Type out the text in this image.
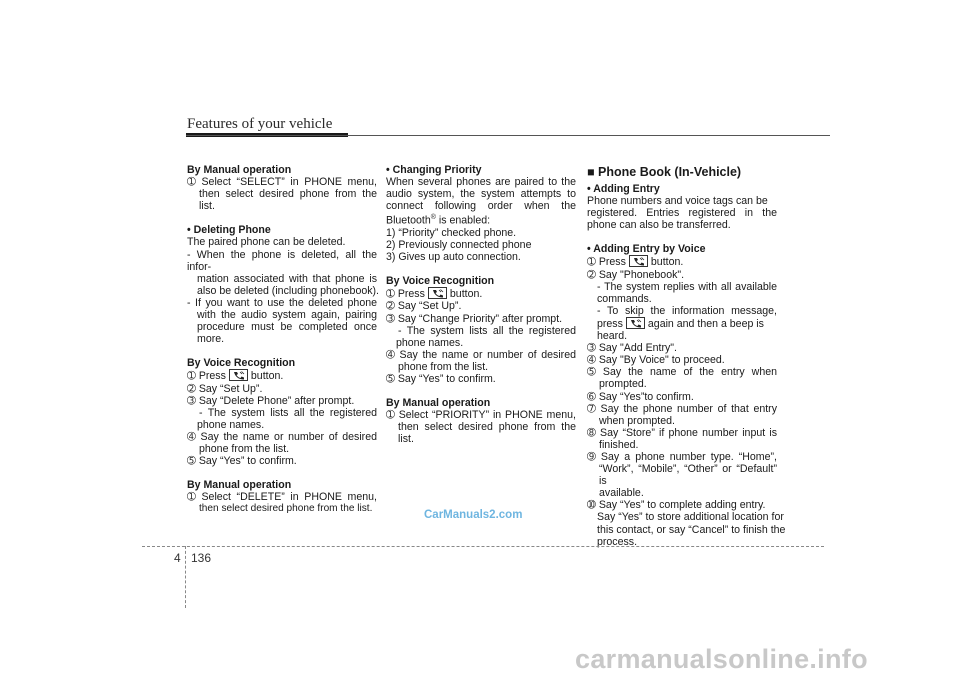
Features of your vehicle
By Manual operation
➀ Select “SELECT” in PHONE menu,
then select desired phone from the
list.
• Deleting Phone
The paired phone can be deleted.
- When the phone is deleted, all the infor-
mation associated with that phone is
also be deleted (including phonebook).
- If you want to use the deleted phone
with the audio system again, pairing
procedure must be completed once
more.
By Voice Recognition
➀ Press button.
➁ Say “Set Up”.
➂ Say “Delete Phone” after prompt.
- The system lists all the registered
phone names.
➃ Say the name or number of desired
phone from the list.
➄ Say “Yes” to confirm.
By Manual operation
➀ Select “DELETE” in PHONE menu,
then select desired phone from the list.
• Changing Priority
When several phones are paired to the
audio system, the system attempts to
connect following order when the
Bluetooth® is enabled:
1) “Priority” checked phone.
2) Previously connected phone
3) Gives up auto connection.
By Voice Recognition
➀ Press button.
➁ Say “Set Up”.
➂ Say “Change Priority” after prompt.
- The system lists all the registered
phone names.
➃ Say the name or number of desired
phone from the list.
➄ Say “Yes” to confirm.
By Manual operation
➀ Select “PRIORITY” in PHONE menu,
then select desired phone from the
list.
■ Phone Book (In-Vehicle)
• Adding Entry
Phone numbers and voice tags can be
registered. Entries registered in the
phone can also be transferred.
• Adding Entry by Voice
➀ Press button.
➁ Say "Phonebook".
- The system replies with all available
commands.
- To skip the information message,
press again and then a beep is
heard.
➂ Say "Add Entry".
➃ Say "By Voice" to proceed.
➄ Say the name of the entry when
prompted.
➅ Say “Yes”to confirm.
➆ Say the phone number of that entry
when prompted.
➇ Say “Store” if phone number input is
finished.
➈ Say a phone number type. “Home”,
“Work”, “Mobile”, “Other” or “Default” is
available.
➉ Say “Yes” to complete adding entry.
Say “Yes” to store additional location for
this contact, or say “Cancel” to finish the
process.
CarManuals2.com
4 136
carmanualsonline.info
